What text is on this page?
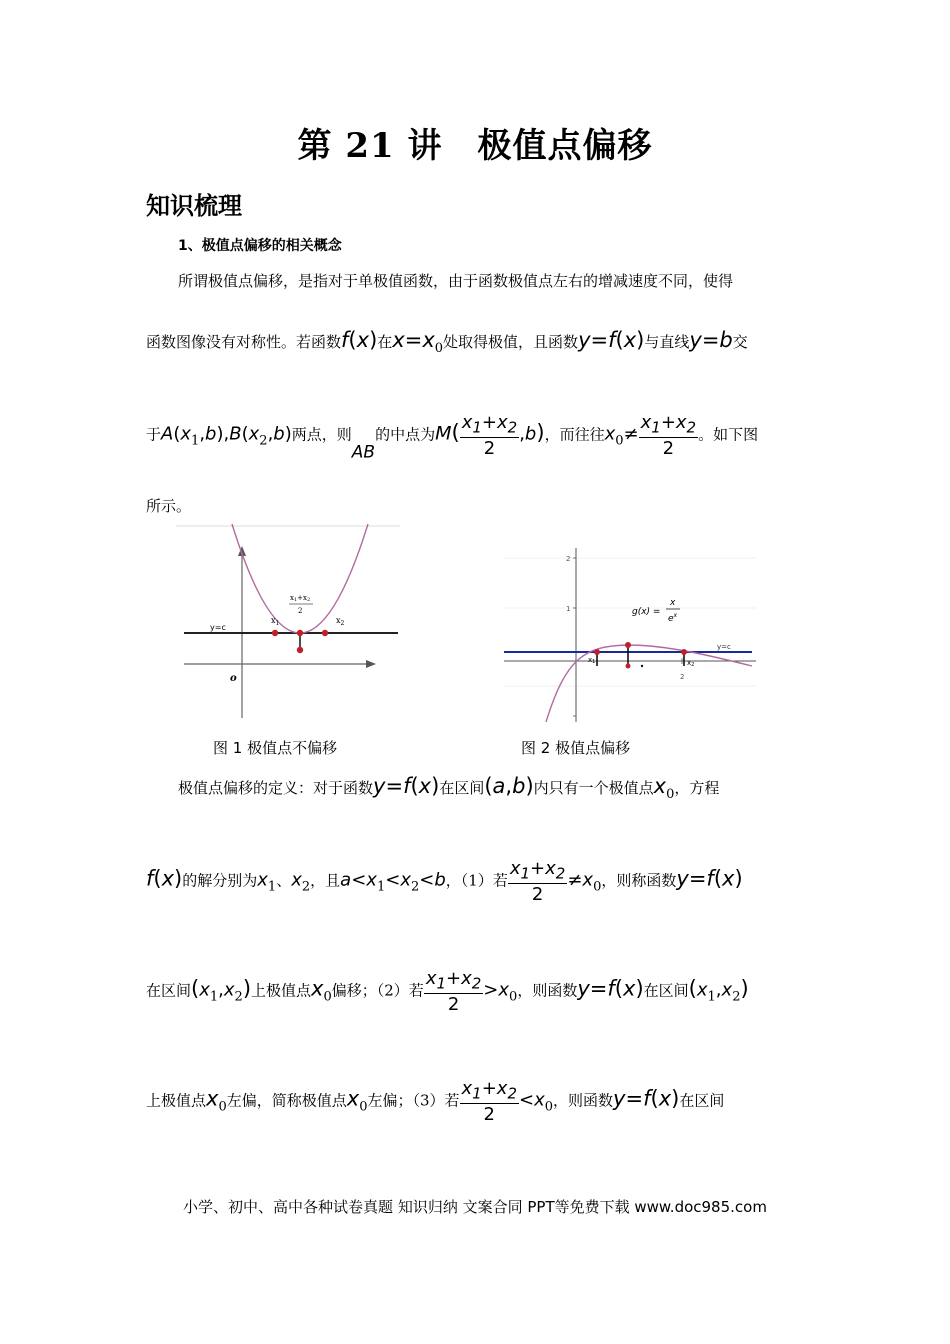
第 21 讲　极值点偏移
知识梳理
1、极值点偏移的相关概念
所谓极值点偏移，是指对于单极值函数，由于函数极值点左右的增减速度不同，使得
函数图像没有对称性。若函数f(x)在x=x0处取得极值，且函数y=f(x)与直线y=b交
于A(x1,b),B(x2,b)两点，则AB的中点为$M( \frac{x_1+x_2}{2} ,b)$，而往往$x0\ne \frac{x_1+x_2}{2}$ 。如下图
所示。
y=c
$x_1$	$x_2$
x1+x2
2
o
图 1 极值点不偏移
2
1
x1	x2
2
y=c
g(x) =
x
$e^x$
图 2 极值点偏移
极值点偏移的定义：对于函数y=f(x)在区间(a,b)内只有一个极值点x0，方程
f(x)的解分别为x1、x2，且a<x1<x2<b，（1）若 $\frac{x_1+x_2}{2} \ne x0$，则称函数y=f(x)
在区间(x1,x2)上极值点x0偏移；（2）若 $\frac{x_1+x_2}{2} >x0$，则函数y=f(x)在区间(x1,x2)
上极值点x0左偏，简称极值点x0左偏；（3）若 $\frac{x_1+x_2}{2} <x0$，则函数y=f(x)在区间
小学、初中、高中各种试卷真题 知识归纳 文案合同 PPT等免费下载 www.doc985.com
